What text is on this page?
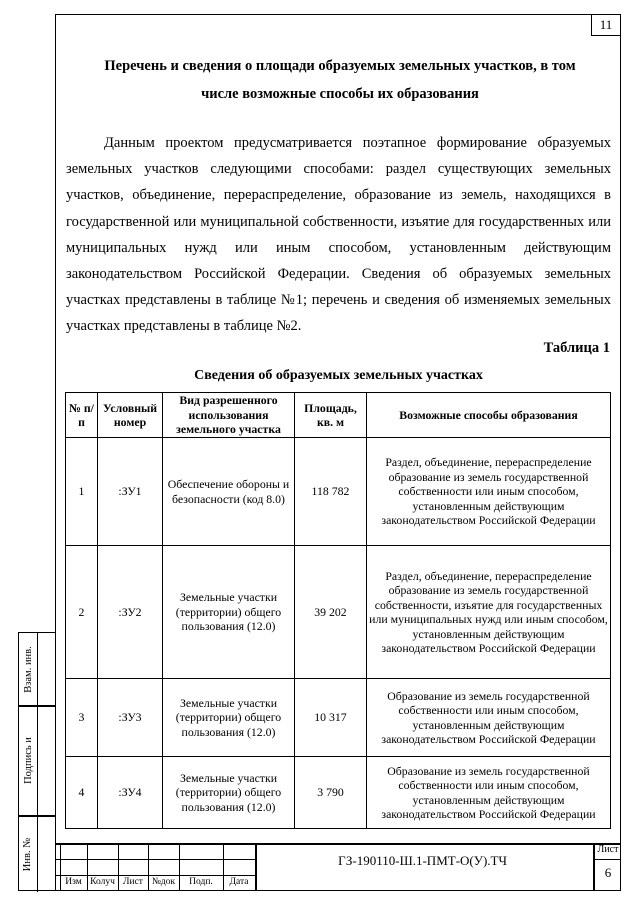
11
Перечень и сведения о площади образуемых земельных участков, в том
числе возможные способы их образования
Данным проектом предусматривается поэтапное формирование образуемых земельных участков следующими способами: раздел существующих земельных участков, объединение, перераспределение, образование из земель, находящихся в государственной или муниципальной собственности, изъятие для государственных или муниципальных нужд или иным способом, установленным действующим законодательством Российской Федерации. Сведения об образуемых земельных участках представлены в таблице №1; перечень и сведения об изменяемых земельных участках представлены в таблице №2.
Таблица 1
Сведения об образуемых земельных участках
№ п/п	Условный номер	Вид разрешенного использования земельного участка	Площадь, кв. м	Возможные способы образования
1	:ЗУ1	Обеспечение обороны и безопасности (код 8.0)	118 782	Раздел, объединение, перераспределение образование из земель государственной собственности или иным способом, установленным действующим законодательством Российской Федерации
2	:ЗУ2	Земельные участки (территории) общего пользования (12.0)	39 202	Раздел, объединение, перераспределение образование из земель государственной собственности, изъятие для государственных или муниципальных нужд или иным способом, установленным действующим законодательством Российской Федерации
3	:ЗУ3	Земельные участки (территории) общего пользования (12.0)	10 317	Образование из земель государственной собственности или иным способом, установленным действующим законодательством Российской Федерации
4	:ЗУ4	Земельные участки (территории) общего пользования (12.0)	3 790	Образование из земель государственной собственности или иным способом, установленным действующим законодательством Российской Федерации
Взам. инв.
Подпись и
Инв. №
Изм Колуч Лист №док	Подп.	Дата
ГЗ-190110-Ш.1-ПМТ-О(У).ТЧ
Лист
6
